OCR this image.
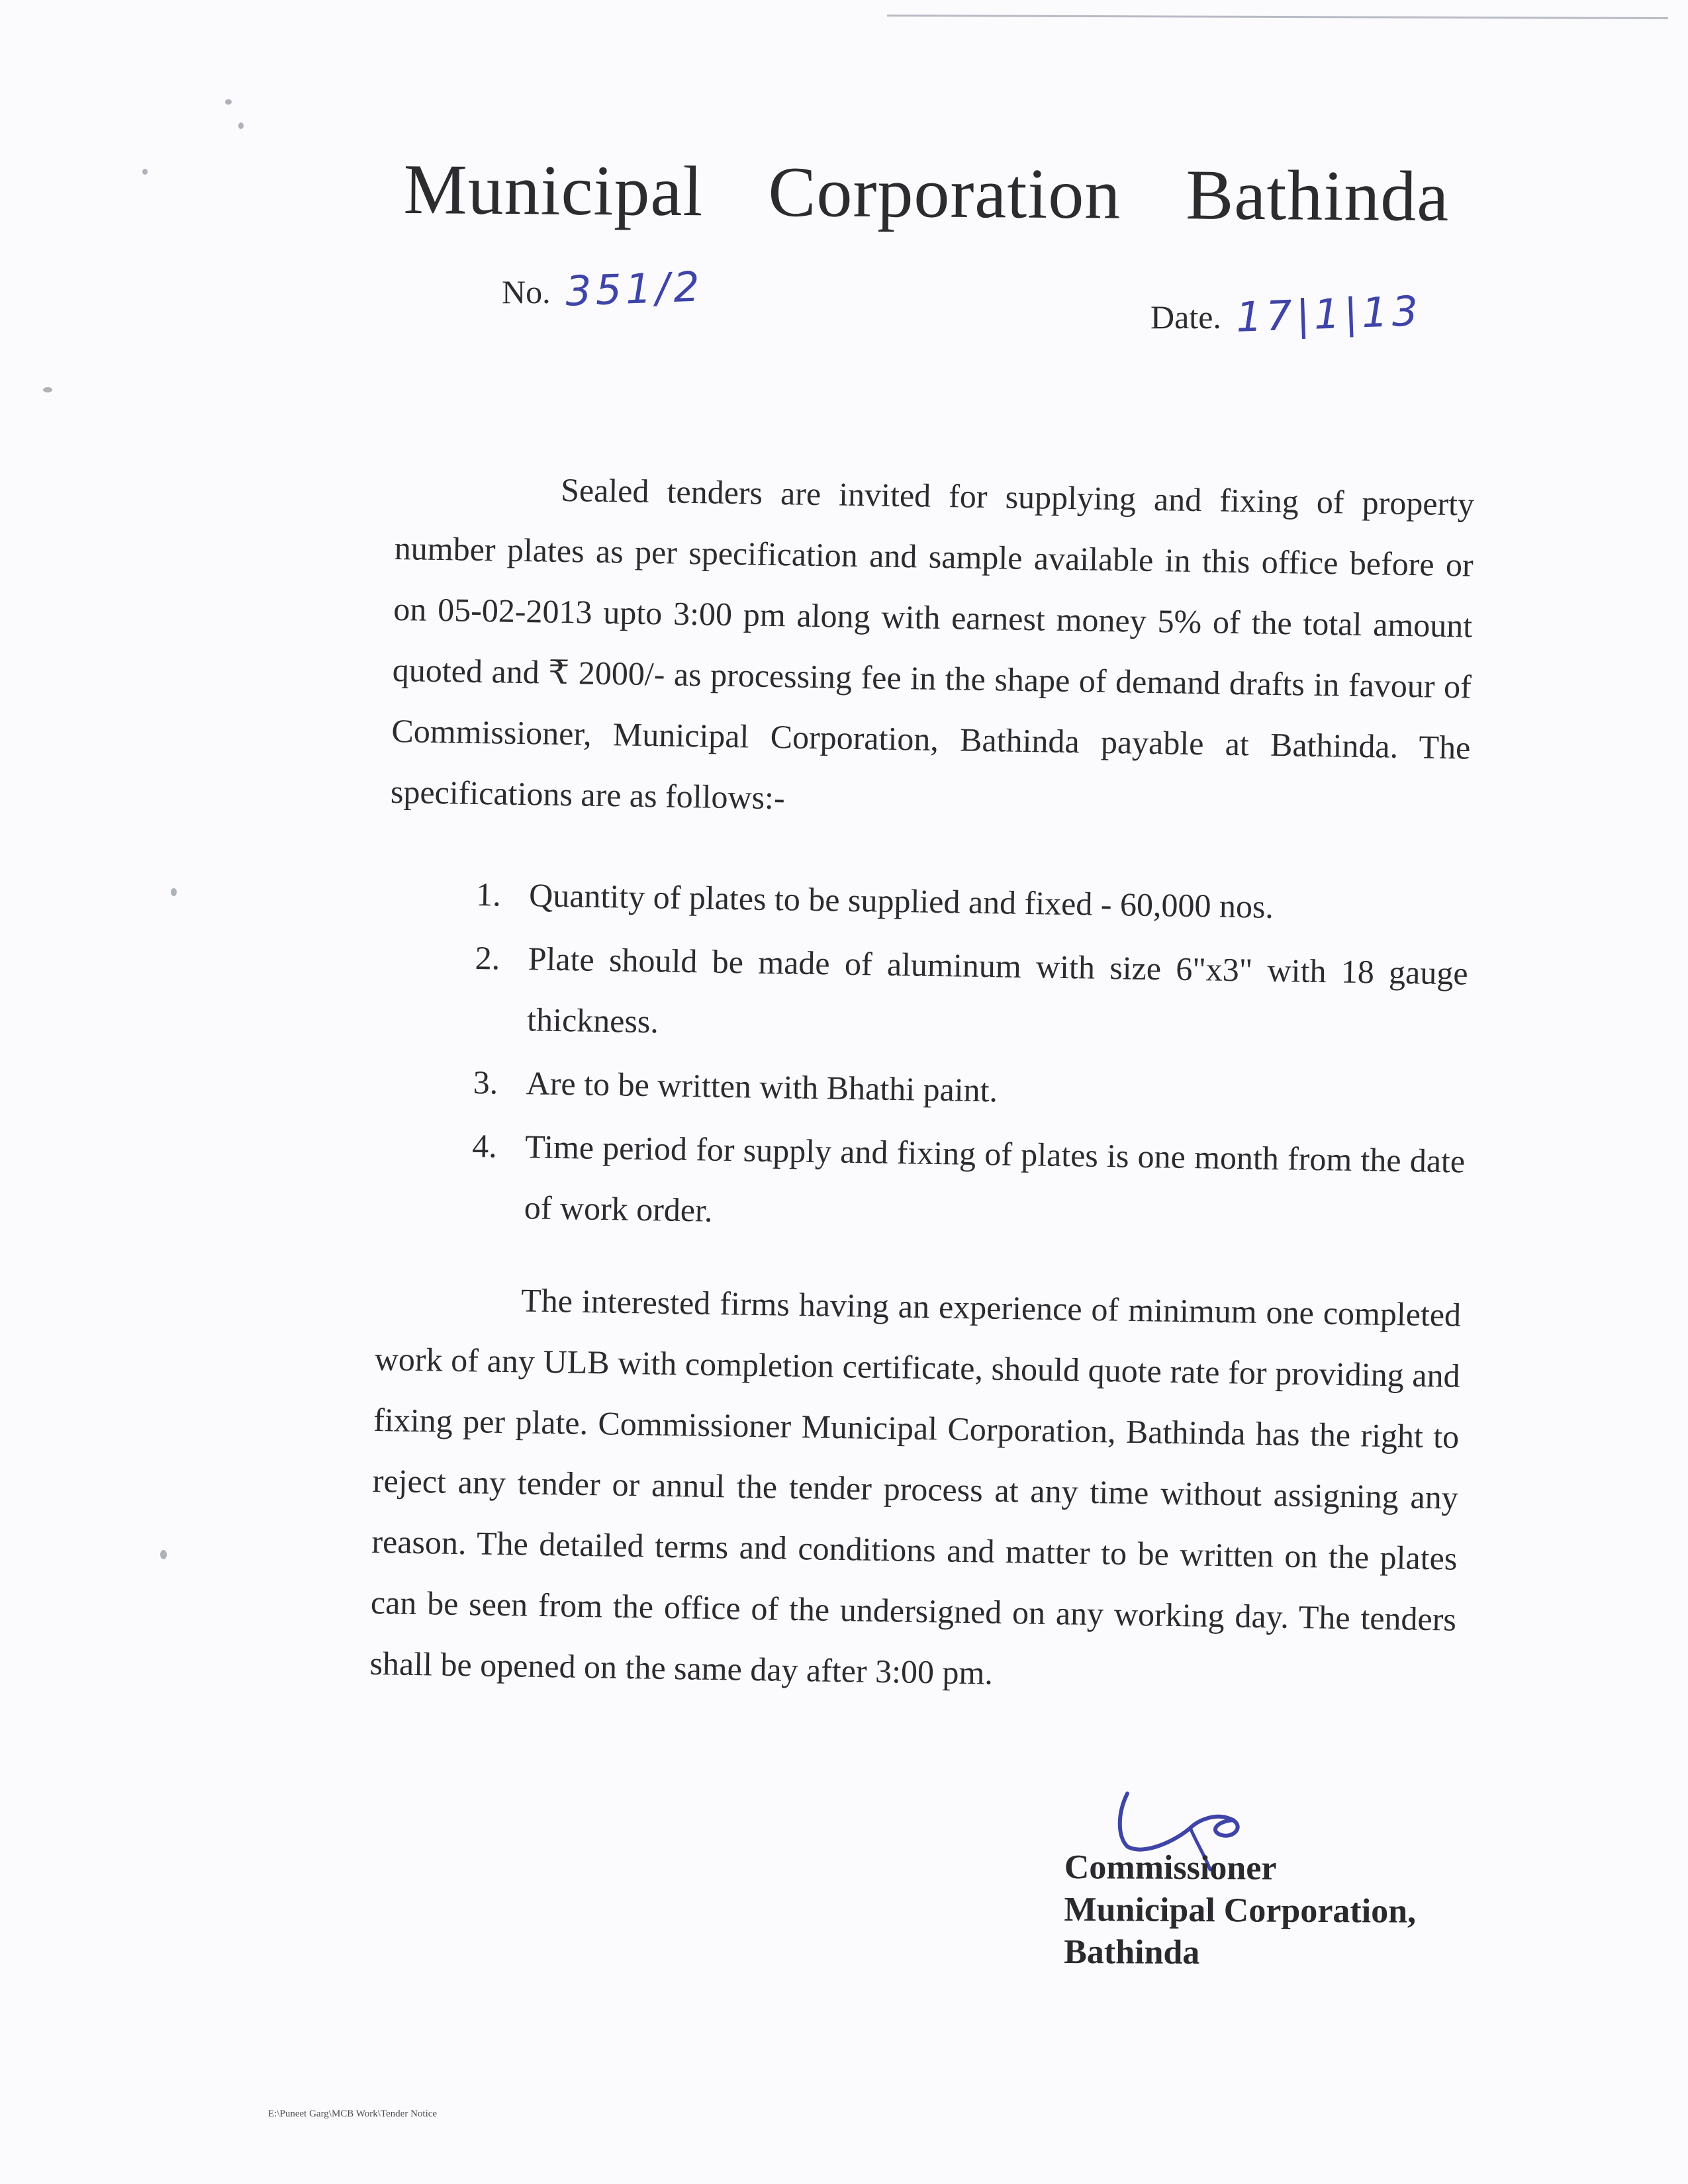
Municipal Corporation Bathinda
No. 351/2
Date. 17|1|13
Sealed tenders are invited for supplying and fixing of property number plates as per specification and sample available in this office before or on 05-02-2013 upto 3:00 pm along with earnest money 5% of the total amount quoted and ₹ 2000/- as processing fee in the shape of demand drafts in favour of Commissioner, Municipal Corporation, Bathinda payable at Bathinda. The specifications are as follows:-
1. Quantity of plates to be supplied and fixed - 60,000 nos.
2. Plate should be made of aluminum with size 6"x3" with 18 gauge thickness.
3. Are to be written with Bhathi paint.
4. Time period for supply and fixing of plates is one month from the date of work order.
The interested firms having an experience of minimum one completed work of any ULB with completion certificate, should quote rate for providing and fixing per plate. Commissioner Municipal Corporation, Bathinda has the right to reject any tender or annul the tender process at any time without assigning any reason. The detailed terms and conditions and matter to be written on the plates can be seen from the office of the undersigned on any working day. The tenders shall be opened on the same day after 3:00 pm.
Commissioner
Municipal Corporation,
Bathinda
E:\Puneet Garg\MCB Work\Tender Notice
